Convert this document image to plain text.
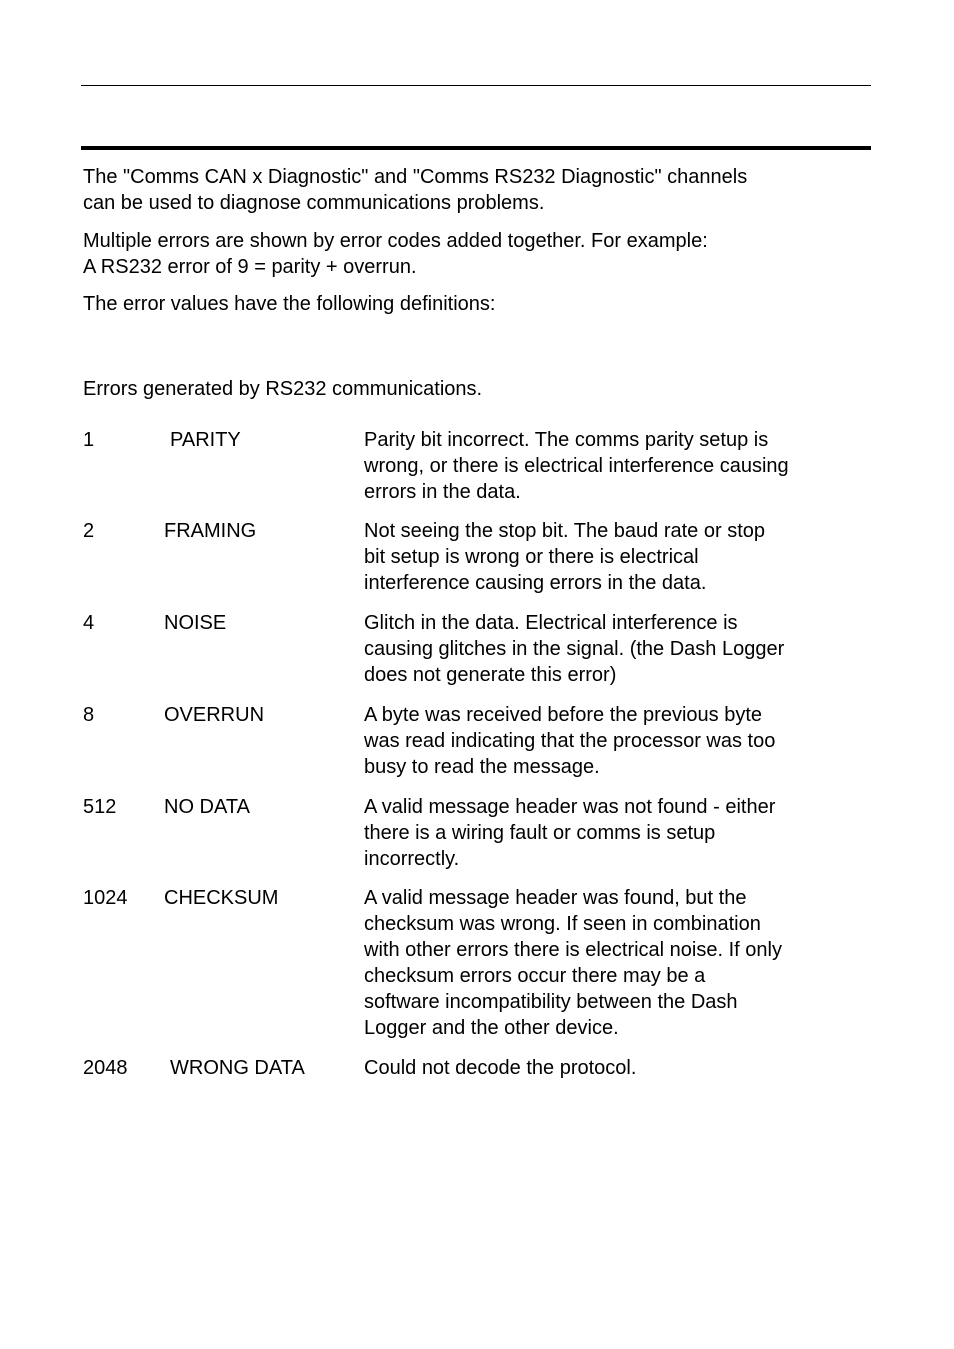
The "Comms CAN x Diagnostic" and "Comms RS232 Diagnostic" channels
can be used to diagnose communications problems.

Multiple errors are shown by error codes added together. For example:
A RS232 error of 9 = parity + overrun.

The error values have the following definitions:

Errors generated by RS232 communications.

1	PARITY	Parity bit incorrect. The comms parity setup is
wrong, or there is electrical interference causing
errors in the data.
2	FRAMING	Not seeing the stop bit. The baud rate or stop
bit setup is wrong or there is electrical
interference causing errors in the data.
4	NOISE	Glitch in the data. Electrical interference is
causing glitches in the signal. (the Dash Logger
does not generate this error)
8	OVERRUN	A byte was received before the previous byte
was read indicating that the processor was too
busy to read the message.
512 NO DATA	A valid message header was not found - either
there is a wiring fault or comms is setup
incorrectly.
1024 CHECKSUM	A valid message header was found, but the
checksum was wrong. If seen in combination
with other errors there is electrical noise. If only
checksum errors occur there may be a
software incompatibility between the Dash
Logger and the other device.
2048 WRONG DATA	Could not decode the protocol.
